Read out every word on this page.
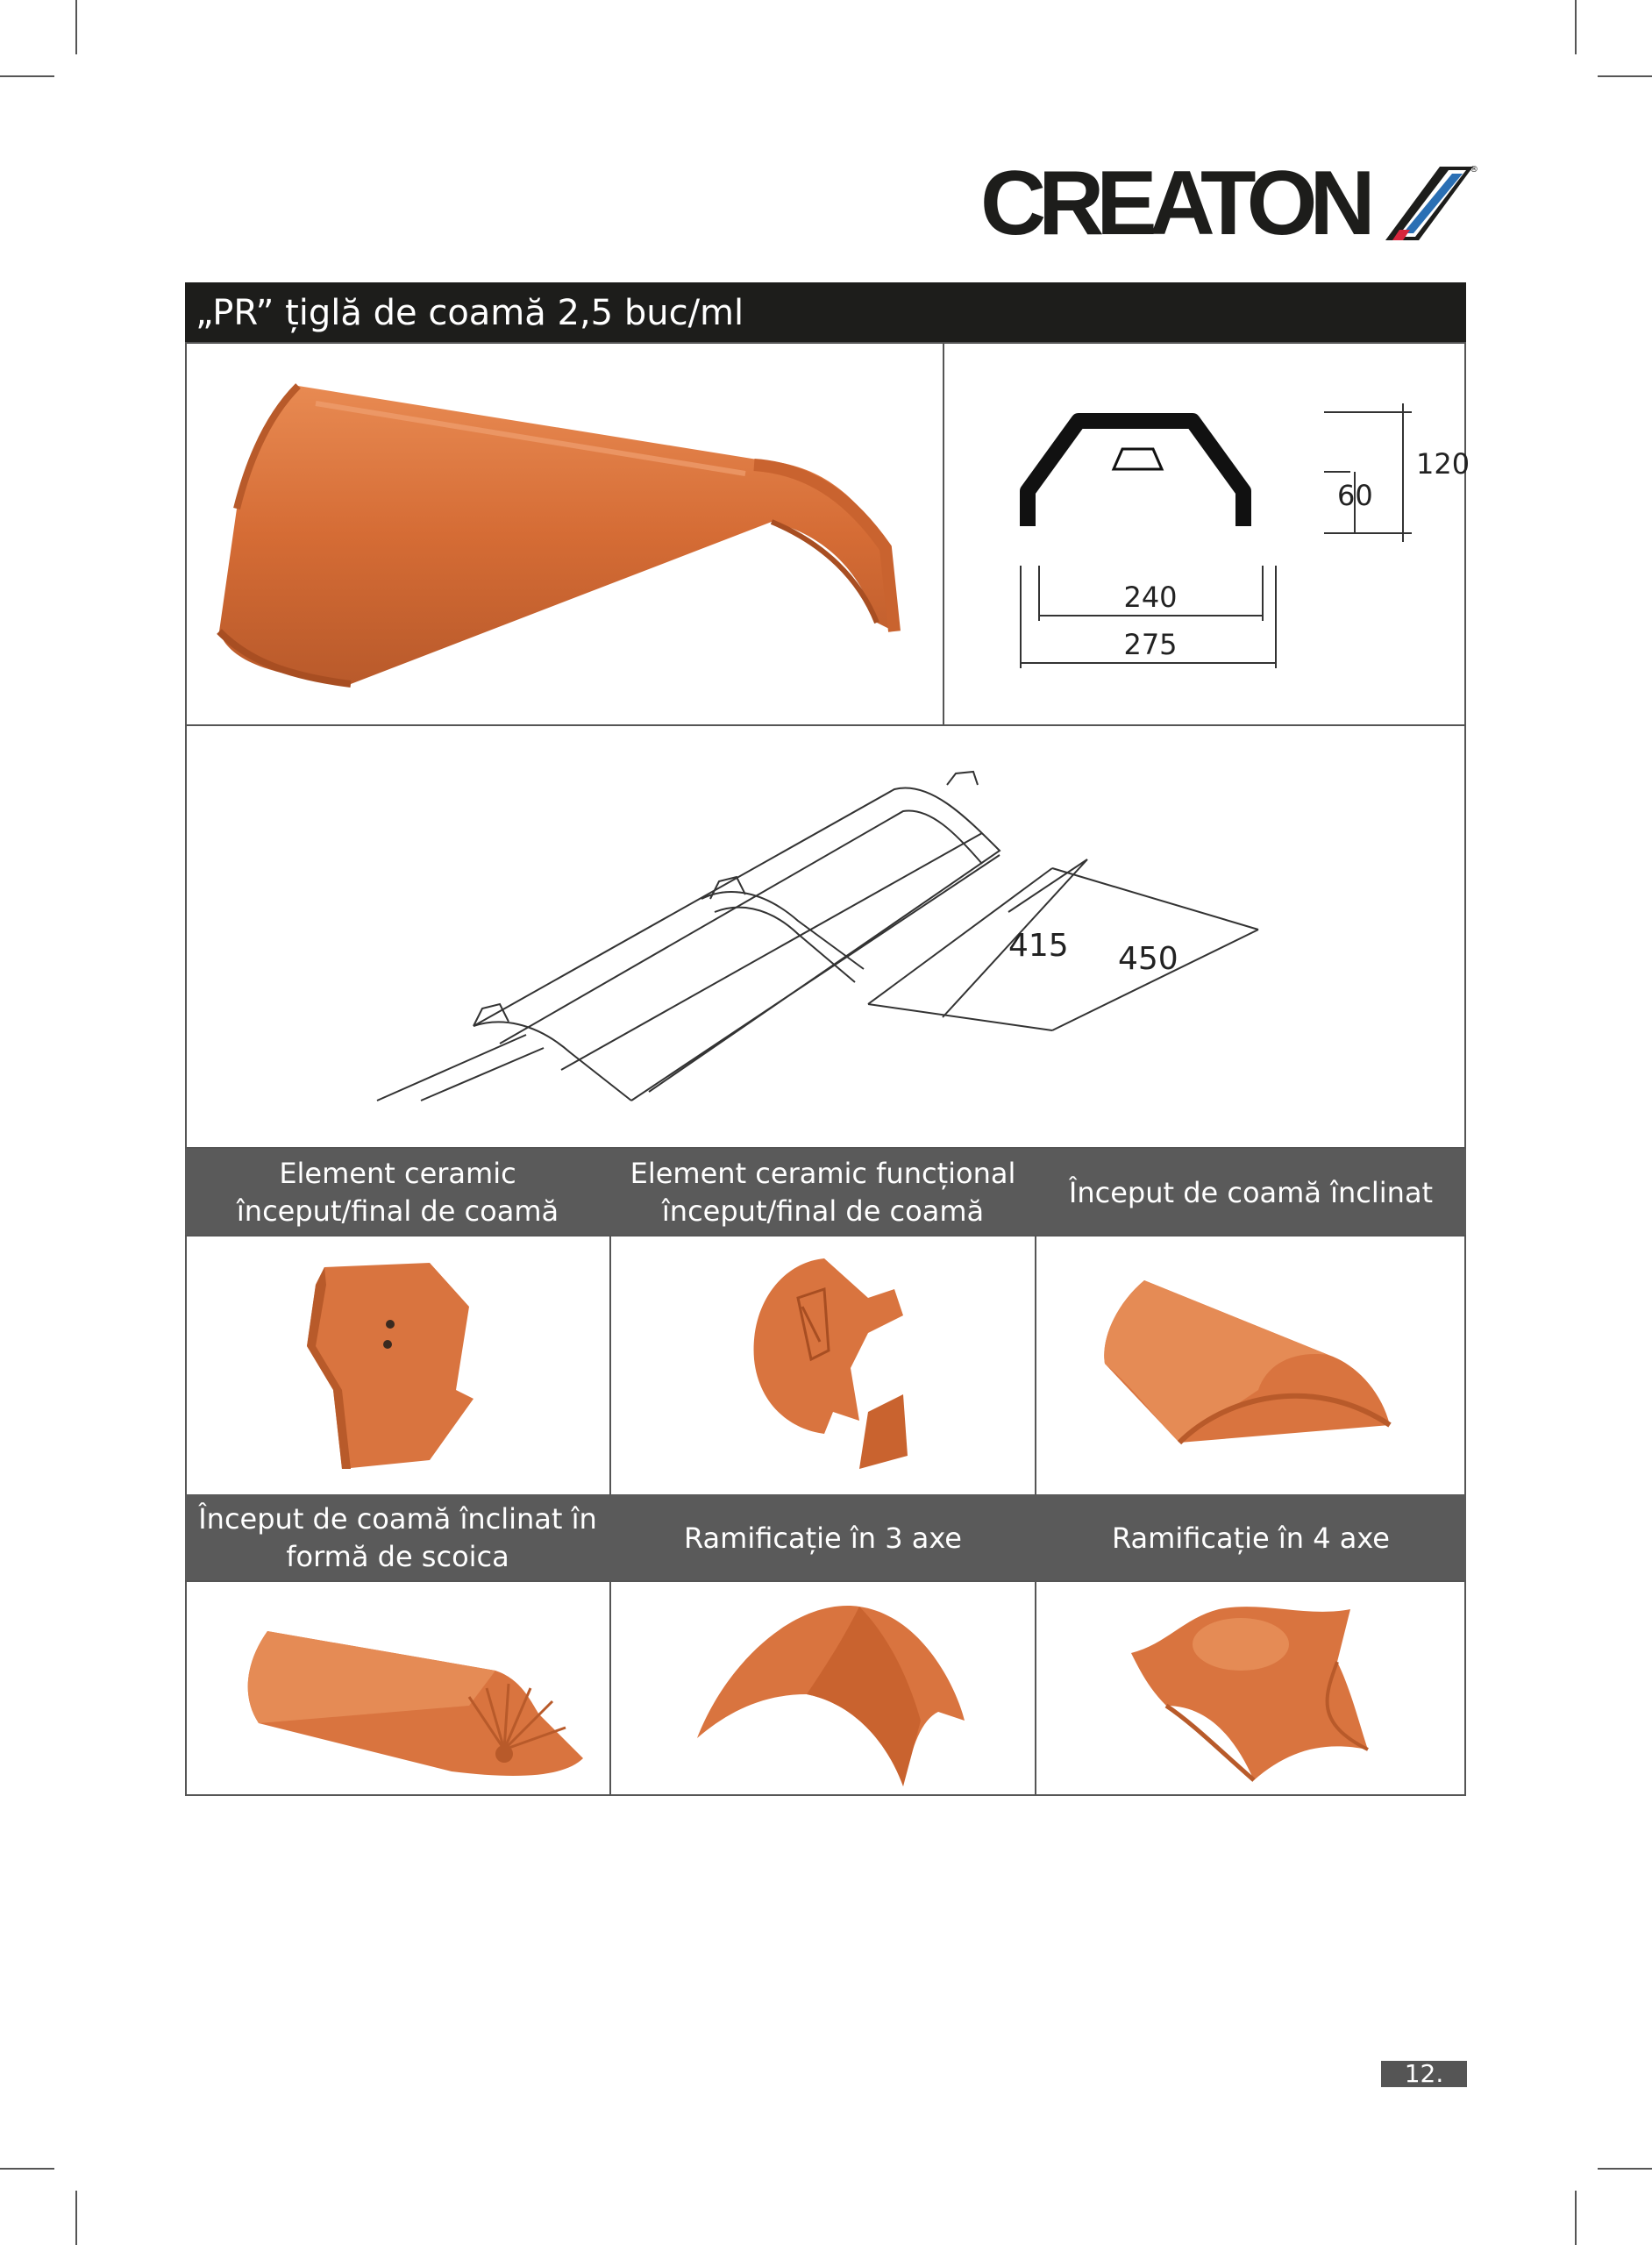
CREATON	®
„PR” țiglă de coamă 2,5 buc/ml
240
275
120
60
415 450
Element ceramic
început/final de coamă
Element ceramic funcțional
început/final de coamă
Început de coamă înclinat
Început de coamă înclinat în
formă de scoica
Ramificație în 3 axe	Ramificație în 4 axe
12.
